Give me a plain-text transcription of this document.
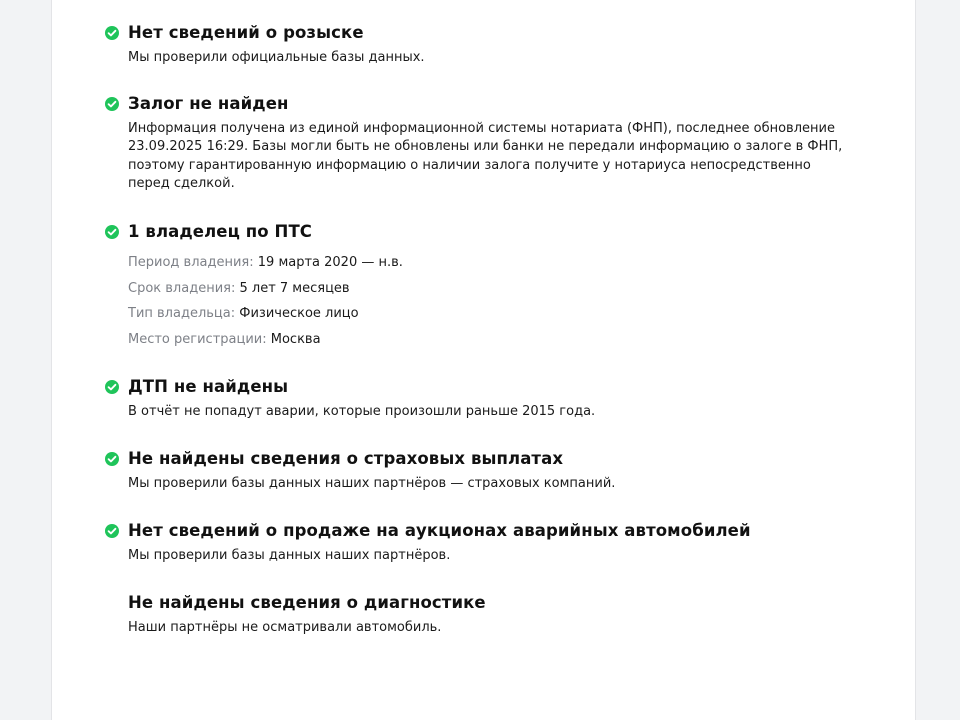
Нет сведений о розыске
Мы проверили официальные базы данных.
Залог не найден
Информация получена из единой информационной системы нотариата (ФНП), последнее обновление 23.09.2025 16:29. Базы могли быть не обновлены или банки не передали информацию о залоге в ФНП, поэтому гарантированную информацию о наличии залога получите у нотариуса непосредственно перед сделкой.
1 владелец по ПТС
Период владения: 19 марта 2020 — н.в.
Срок владения: 5 лет 7 месяцев
Тип владельца: Физическое лицо
Место регистрации: Москва
ДТП не найдены
В отчёт не попадут аварии, которые произошли раньше 2015 года.
Не найдены сведения о страховых выплатах
Мы проверили базы данных наших партнёров — страховых компаний.
Нет сведений о продаже на аукционах аварийных автомобилей
Мы проверили базы данных наших партнёров.
Не найдены сведения о диагностике
Наши партнёры не осматривали автомобиль.
